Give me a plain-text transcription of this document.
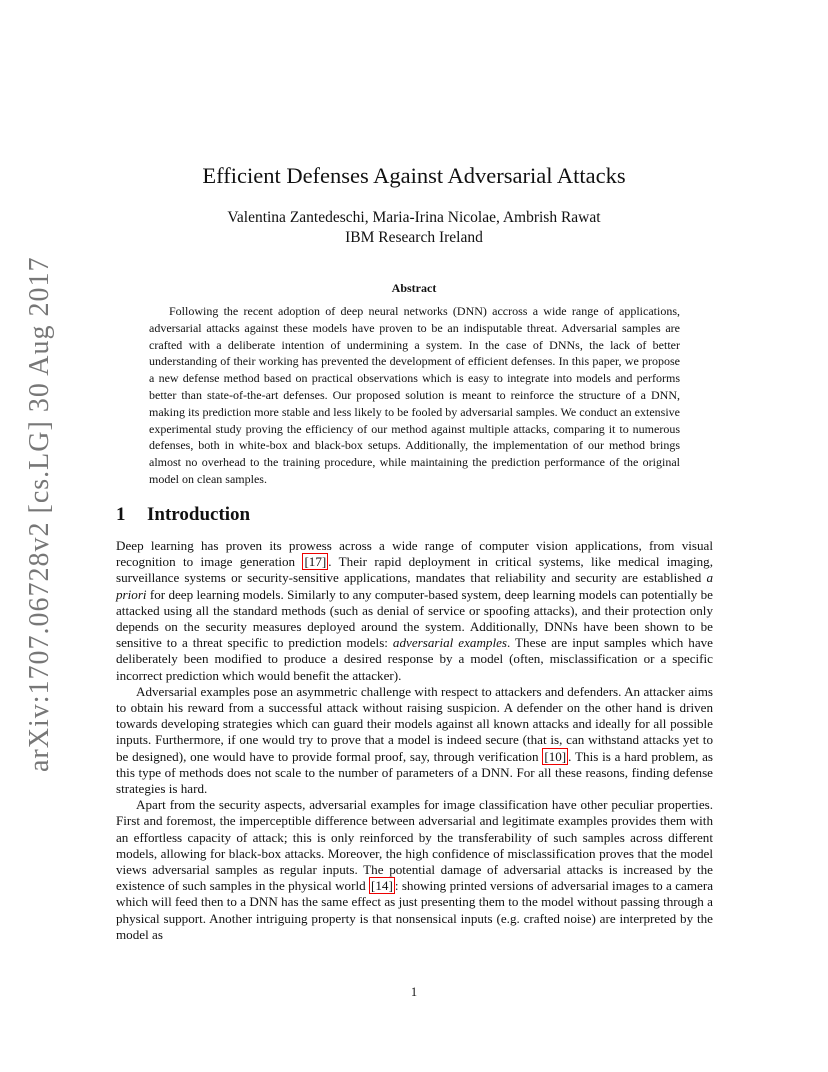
arXiv:1707.06728v2 [cs.LG] 30 Aug 2017
Efficient Defenses Against Adversarial Attacks
Valentina Zantedeschi, Maria-Irina Nicolae, Ambrish Rawat
IBM Research Ireland
Abstract

Following the recent adoption of deep neural networks (DNN) accross a wide range of applications, adversarial attacks against these models have proven to be an indisputable threat. Adversarial samples are crafted with a deliberate intention of undermining a system. In the case of DNNs, the lack of better understanding of their working has prevented the development of efficient defenses. In this paper, we propose a new defense method based on practical observations which is easy to integrate into models and performs better than state-of-the-art defenses. Our proposed solution is meant to reinforce the structure of a DNN, making its prediction more stable and less likely to be fooled by adversarial samples. We conduct an extensive experimental study proving the efficiency of our method against multiple attacks, comparing it to numerous defenses, both in white-box and black-box setups. Additionally, the implementation of our method brings almost no overhead to the training procedure, while maintaining the prediction performance of the original model on clean samples.

1 Introduction

Deep learning has proven its prowess across a wide range of computer vision applications, from visual recognition to image generation [17] . Their rapid deployment in critical systems, like medical imaging, surveillance systems or security-sensitive applications, mandates that reliability and security are established a priori for deep learning models. Similarly to any computer-based system, deep learning models can potentially be attacked using all the standard methods (such as denial of service or spoofing attacks), and their protection only depends on the security measures deployed around the system. Additionally, DNNs have been shown to be sensitive to a threat specific to prediction models: adversarial examples. These are input samples which have deliberately been modified to produce a desired response by a model (often, misclassification or a specific incorrect prediction which would benefit the attacker).

Adversarial examples pose an asymmetric challenge with respect to attackers and defenders. An attacker aims to obtain his reward from a successful attack without raising suspicion. A defender on the other hand is driven towards developing strategies which can guard their models against all known attacks and ideally for all possible inputs. Furthermore, if one would try to prove that a model is indeed secure (that is, can withstand attacks yet to be designed), one would have to provide formal proof, say, through verification [10] . This is a hard problem, as this type of methods does not scale to the number of parameters of a DNN. For all these reasons, finding defense strategies is hard.

Apart from the security aspects, adversarial examples for image classification have other peculiar properties. First and foremost, the imperceptible difference between adversarial and legitimate examples provides them with an effortless capacity of attack; this is only reinforced by the transferability of such samples across different models, allowing for black-box attacks. Moreover, the high confidence of misclassification proves that the model views adversarial samples as regular inputs. The potential damage of adversarial attacks is increased by the existence of such samples in the physical world [14] : showing printed versions of adversarial images to a camera which will feed then to a DNN has the same effect as just presenting them to the model without passing through a physical support. Another intriguing property is that nonsensical inputs (e.g. crafted noise) are interpreted by the model as

1
